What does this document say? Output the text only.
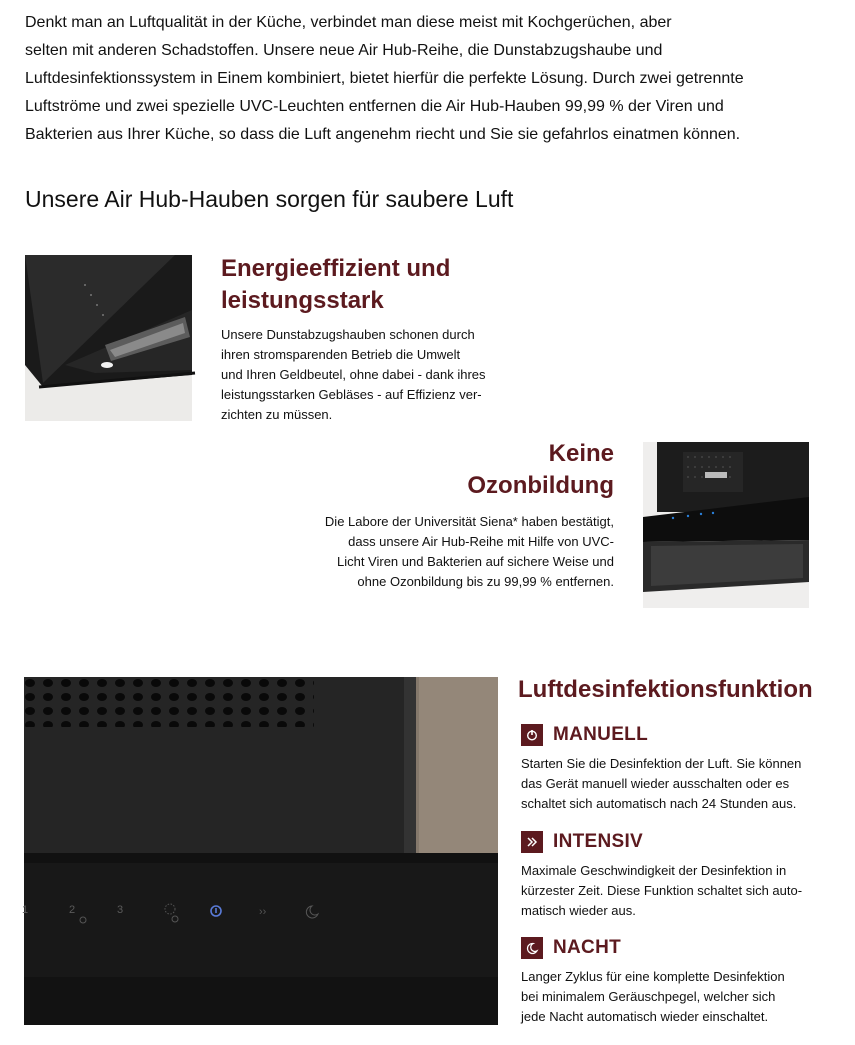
Denkt man an Luftqualität in der Küche, verbindet man diese meist mit Kochgerüchen, aber

selten mit anderen Schadstoffen. Unsere neue Air Hub-Reihe, die Dunstabzugshaube und

Luftdesinfektionssystem in Einem kombiniert, bietet hierfür die perfekte Lösung. Durch zwei getrennte

Luftströme und zwei spezielle UVC-Leuchten entfernen die Air Hub-Hauben 99,99 % der Viren und

Bakterien aus Ihrer Küche, so dass die Luft angenehm riecht und Sie sie gefahrlos einatmen können.

Unsere Air Hub-Hauben sorgen für saubere Luft
Energieeffizient und
leistungsstark
Unsere Dunstabzugshauben schonen durch
ihren stromsparenden Betrieb die Umwelt
und Ihren Geldbeutel, ohne dabei - dank ihres
leistungsstarken Gebläses - auf Effizienz ver-
zichten zu müssen.
Keine
Ozonbildung
Die Labore der Universität Siena* haben bestätigt,
dass unsere Air Hub-Reihe mit Hilfe von UVC-
Licht Viren und Bakterien auf sichere Weise und
ohne Ozonbildung bis zu 99,99 % entfernen.
1	2	3	››
Luftdesinfektionsfunktion
MANUELL
Starten Sie die Desinfektion der Luft. Sie können
das Gerät manuell wieder ausschalten oder es
schaltet sich automatisch nach 24 Stunden aus.
INTENSIV
Maximale Geschwindigkeit der Desinfektion in
kürzester Zeit. Diese Funktion schaltet sich auto-
matisch wieder aus.
NACHT
Langer Zyklus für eine komplette Desinfektion
bei minimalem Geräuschpegel, welcher sich
jede Nacht automatisch wieder einschaltet.
